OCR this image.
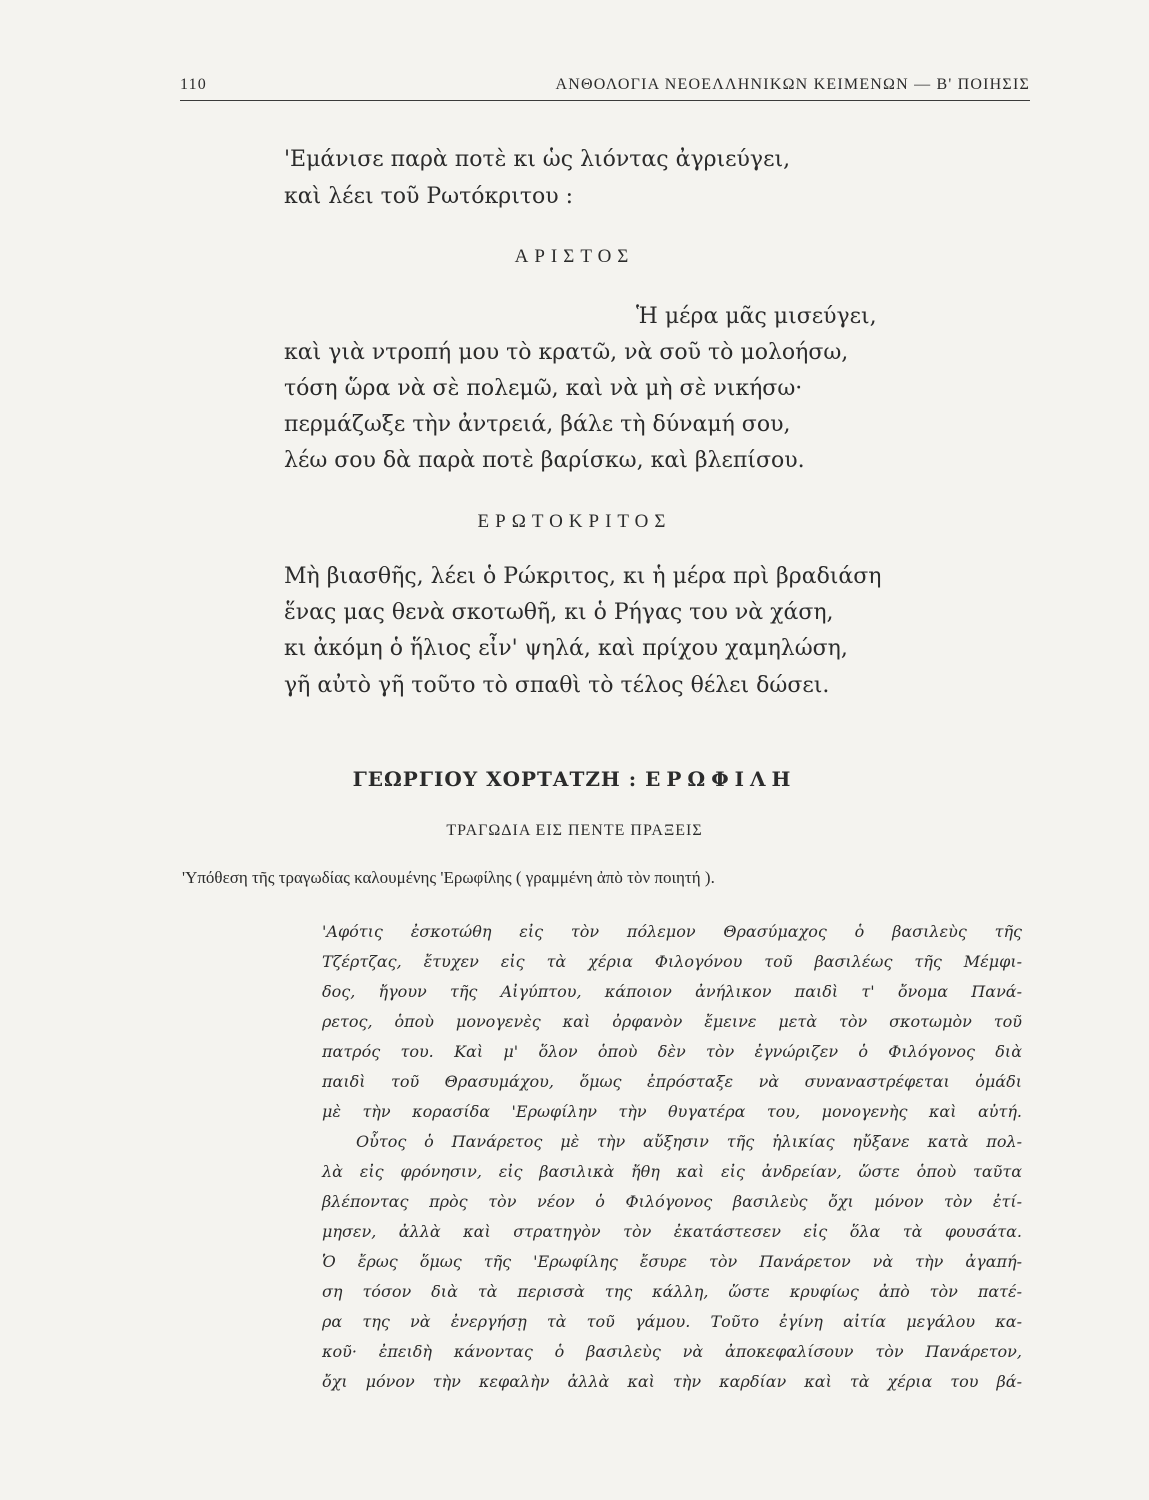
110	ΑΝΘΟΛΟΓΙΑ ΝΕΟΕΛΛΗΝΙΚΩΝ ΚΕΙΜΕΝΩΝ — Β' ΠΟΙΗΣΙΣ
'Εμάνισε παρὰ ποτὲ κι ὡς λιόντας ἀγριεύγει,
καὶ λέει τοῦ Ρωτόκριτου :
ΑΡΙΣΤΟΣ
Ἡ μέρα μᾶς μισεύγει,
καὶ γιὰ ντροπή μου τὸ κρατῶ, νὰ σοῦ τὸ μολοήσω,
τόση ὥρα νὰ σὲ πολεμῶ, καὶ νὰ μὴ σὲ νικήσω·
περμάζωξε τὴν ἀντρειά, βάλε τὴ δύναμή σου,
λέω σου δὰ παρὰ ποτὲ βαρίσκω, καὶ βλεπίσου.
ΕΡΩΤΟΚΡΙΤΟΣ
Μὴ βιασθῆς, λέει ὁ Ρώκριτος, κι ἡ μέρα πρὶ βραδιάση
ἕνας μας θενὰ σκοτωθῆ, κι ὁ Ρήγας του νὰ χάση,
κι ἀκόμη ὁ ἥλιος εἶν' ψηλά, καὶ πρίχου χαμηλώση,
γῆ αὐτὸ γῆ τοῦτο τὸ σπαθὶ τὸ τέλος θέλει δώσει.
ΓΕΩΡΓΙΟΥ ΧΟΡΤΑΤΖΗ : ΕΡΩΦΙΛΗ
ΤΡΑΓΩΔΙΑ ΕΙΣ ΠΕΝΤΕ ΠΡΑΞΕΙΣ
'Υπόθεση τῆς τραγωδίας καλουμένης 'Ερωφίλης ( γραμμένη ἀπὸ τὸν ποιητή ).
'Αφότις ἐσκοτώθη εἰς τὸν πόλεμον Θρασύμαχος ὁ βασιλεὺς τῆς
Τζέρτζας, ἔτυχεν εἰς τὰ χέρια Φιλογόνου τοῦ βασιλέως τῆς Μέμφι-
δος, ἤγουν τῆς Αἰγύπτου, κάποιον ἀνήλικον παιδὶ τ' ὄνομα Πανά-
ρετος, ὁποὺ μονογενὲς καὶ ὀρφανὸν ἔμεινε μετὰ τὸν σκοτωμὸν τοῦ
πατρός του. Καὶ μ' ὅλον ὁποὺ δὲν τὸν ἐγνώριζεν ὁ Φιλόγονος διὰ
παιδὶ τοῦ Θρασυμάχου, ὅμως ἐπρόσταξε νὰ συναναστρέφεται ὁμάδι
μὲ τὴν κορασίδα 'Ερωφίλην τὴν θυγατέρα του, μονογενὴς καὶ αὐτή.
Οὗτος ὁ Πανάρετος μὲ τὴν αὔξησιν τῆς ἡλικίας ηὔξανε κατὰ πολ-
λὰ εἰς φρόνησιν, εἰς βασιλικὰ ἤθη καὶ εἰς ἀνδρείαν, ὥστε ὁποὺ ταῦτα
βλέποντας πρὸς τὸν νέον ὁ Φιλόγονος βασιλεὺς ὄχι μόνον τὸν ἐτί-
μησεν, ἀλλὰ καὶ στρατηγὸν τὸν ἐκατάστεσεν εἰς ὅλα τὰ φουσάτα.
Ὁ ἔρως ὅμως τῆς 'Ερωφίλης ἔσυρε τὸν Πανάρετον νὰ τὴν ἀγαπή-
ση τόσον διὰ τὰ περισσὰ της κάλλη, ὥστε κρυφίως ἀπὸ τὸν πατέ-
ρα της νὰ ἐνεργήσῃ τὰ τοῦ γάμου. Τοῦτο ἐγίνη αἰτία μεγάλου κα-
κοῦ· ἐπειδὴ κάνοντας ὁ βασιλεὺς νὰ ἀποκεφαλίσουν τὸν Πανάρετον,
ὄχι μόνον τὴν κεφαλὴν ἀλλὰ καὶ τὴν καρδίαν καὶ τὰ χέρια του βά-
